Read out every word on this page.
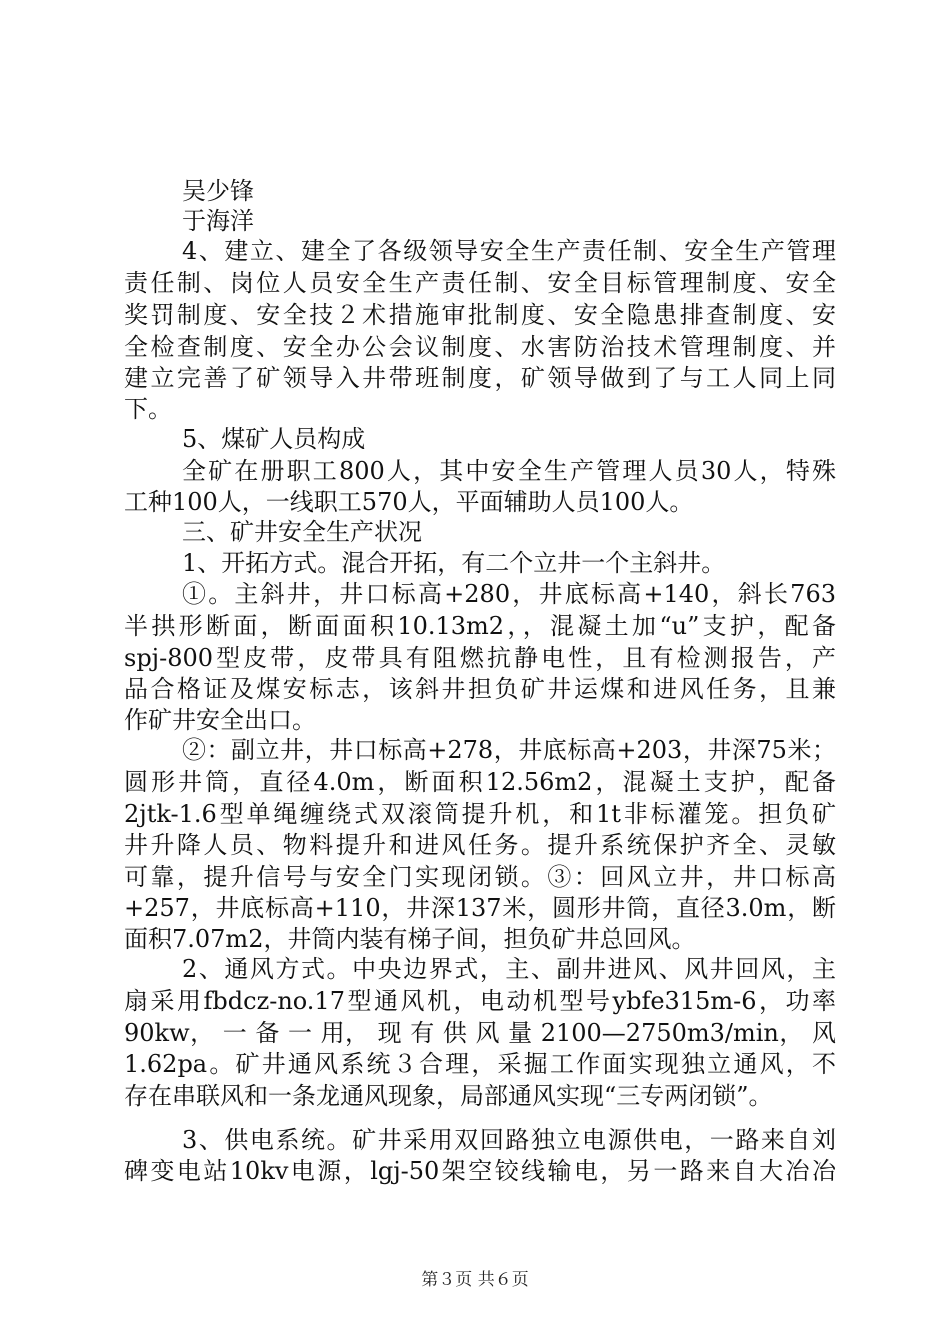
吴少锋
于海洋
4、建立、建全了各级领导安全生产责任制、安全生产管理
责任制、岗位人员安全生产责任制、安全目标管理制度、安全
奖罚制度、安全技２术措施审批制度、安全隐患排查制度、安
全检查制度、安全办公会议制度、水害防治技术管理制度、并
建立完善了矿领导入井带班制度，矿领导做到了与工人同上同
下。
5、煤矿人员构成
全矿在册职工800人，其中安全生产管理人员30人，特殊
工种100人，一线职工570人，平面辅助人员100人。
三、矿井安全生产状况
1、开拓方式。混合开拓，有二个立井一个主斜井。
①。主斜井，井口标高+280，井底标高+140，斜长763
半拱形断面，断面面积10.13m2，，混凝土加“u”支护，配备
spj-800型皮带，皮带具有阻燃抗静电性，且有检测报告，产
品合格证及煤安标志，该斜井担负矿井运煤和进风任务，且兼
作矿井安全出口。
②：副立井，井口标高+278，井底标高+203，井深75米；
圆形井筒，直径4.0m，断面积12.56m2，混凝土支护，配备
2jtk-1.6型单绳缠绕式双滚筒提升机，和1t非标灌笼。担负矿
井升降人员、物料提升和进风任务。提升系统保护齐全、灵敏
可靠，提升信号与安全门实现闭锁。③：回风立井，井口标高
+257，井底标高+110，井深137米，圆形井筒，直径3.0m，断
面积7.07m2，井筒内装有梯子间，担负矿井总回风。
2、通风方式。中央边界式，主、副井进风、风井回风，主
扇采用fbdcz-no.17型通风机，电动机型号ybfe315m-6，功率
90kw， 一 备 一 用， 现 有 供 风 量 2100—2750m3/min， 风
1.62pa。矿井通风系统３合理，采掘工作面实现独立通风，不
存在串联风和一条龙通风现象，局部通风实现“三专两闭锁”。
3、供电系统。矿井采用双回路独立电源供电，一路来自刘
碑变电站10kv电源，lgj-50架空铰线输电，另一路来自大冶冶
第３页 共６页
